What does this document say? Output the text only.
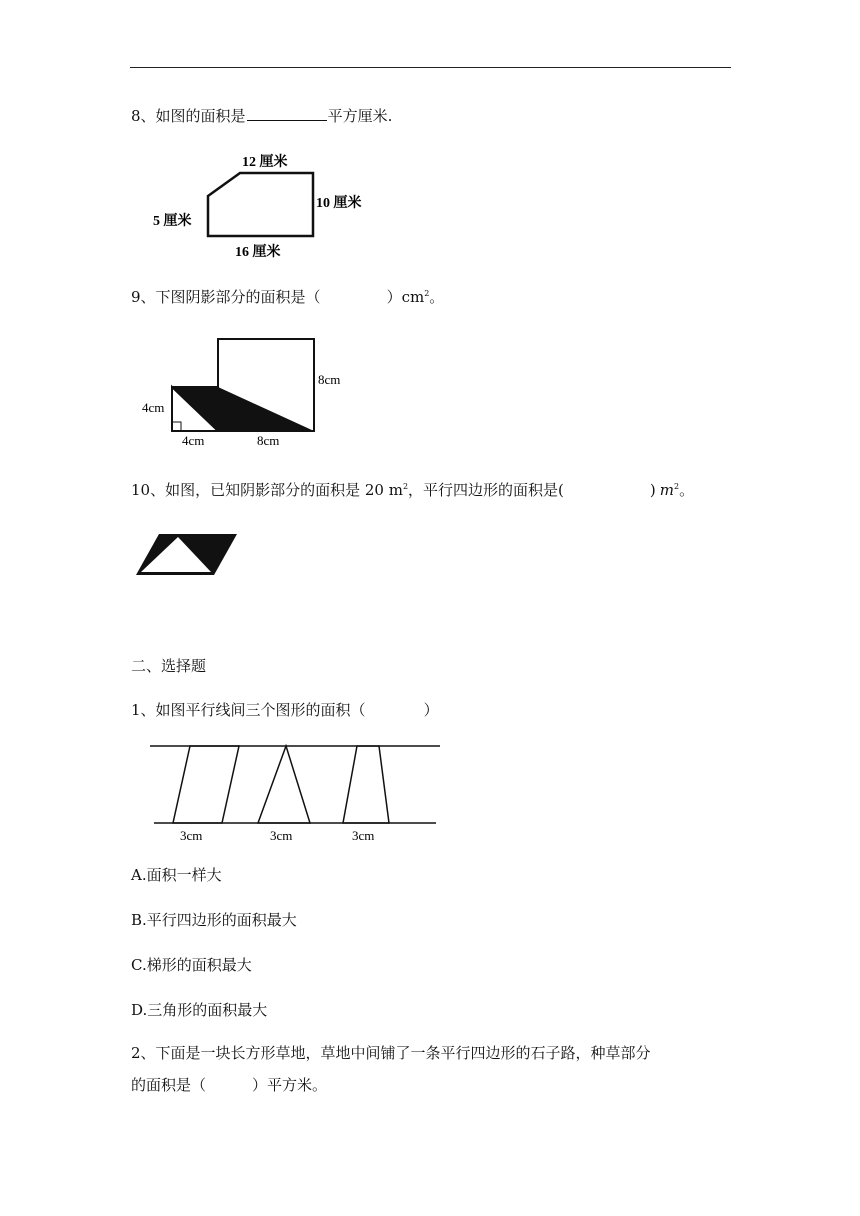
8、如图的面积是	平方厘米.
12 厘米
10 厘米
5 厘米
16 厘米
9、下图阴影部分的面积是（	）$cm^2$。
8cm
4cm
4cm	8cm
10、如图，已知阴影部分的面积是 20 $m^2$，平行四边形的面积是(	) $m^2$。
二、选择题
1、如图平行线间三个图形的面积（	）
3cm	3cm	3cm
A.面积一样大
B.平行四边形的面积最大
C.梯形的面积最大
D.三角形的面积最大
2、下面是一块长方形草地，草地中间铺了一条平行四边形的石子路，种草部分
的面积是（	）平方米。
